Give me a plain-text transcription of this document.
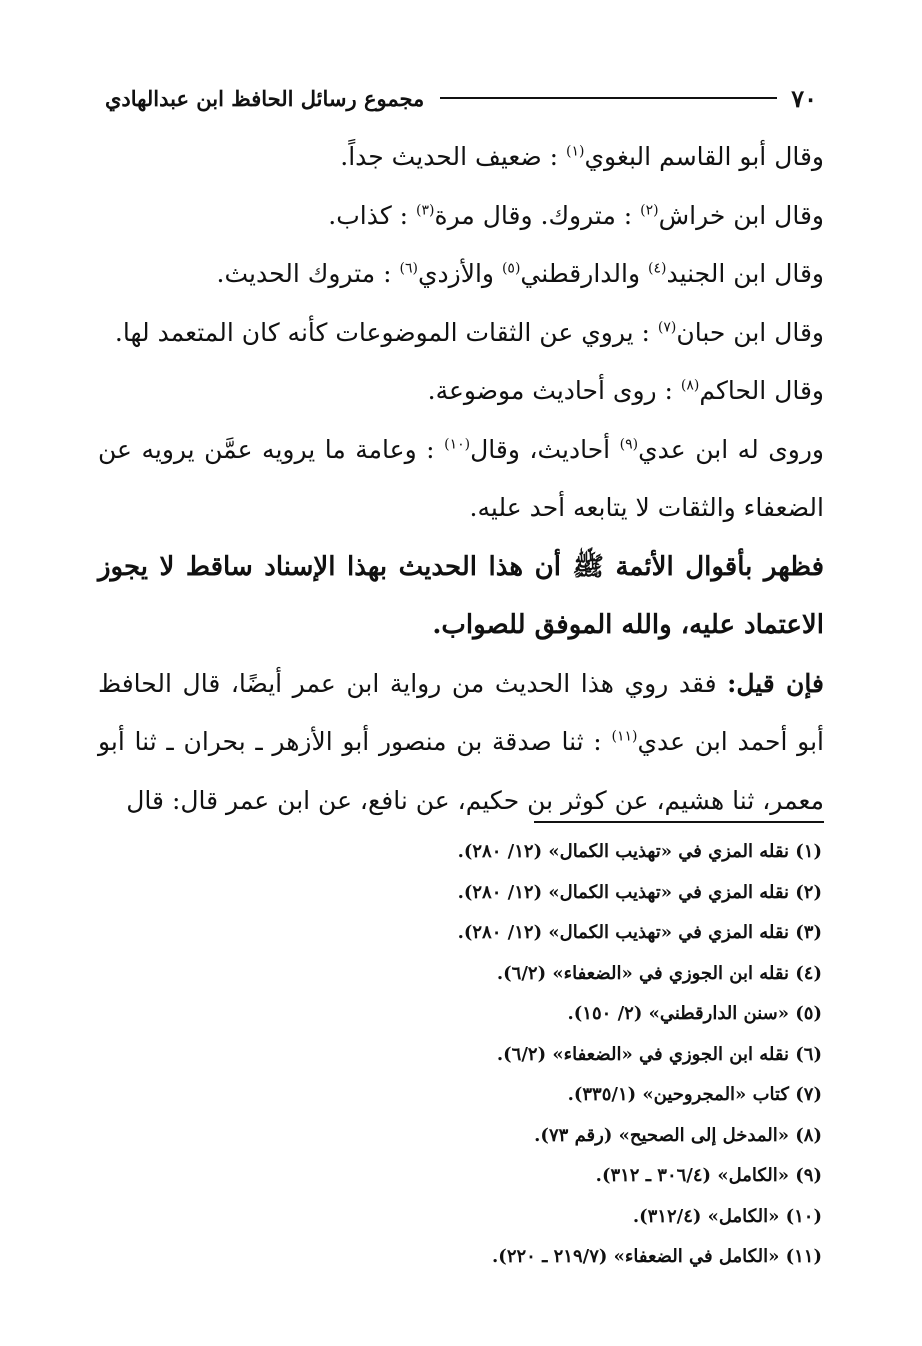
٧٠
مجموع رسائل الحافظ ابن عبدالهادي

وقال أبو القاسم البغوي$^{(١)}$ : ضعيف الحديث جداً.

وقال ابن خراش$^{(٢)}$ : متروك. وقال مرة$^{(٣)}$ : كذاب.

وقال ابن الجنيد$^{(٤)}$ والدارقطني$^{(٥)}$ والأزدي$^{(٦)}$ : متروك الحديث.

وقال ابن حبان$^{(٧)}$ : يروي عن الثقات الموضوعات كأنه كان المتعمد لها.

وقال الحاكم$^{(٨)}$ : روى أحاديث موضوعة.

وروى له ابن عدي$^{(٩)}$ أحاديث، وقال$^{(١٠)}$ : وعامة ما يرويه عمَّن يرويه عن الضعفاء والثقات لا يتابعه أحد عليه.

فظهر بأقوال الأئمة ﷺ أن هذا الحديث بهذا الإسناد ساقط لا يجوز الاعتماد عليه، والله الموفق للصواب.

فإن قيل: فقد روي هذا الحديث من رواية ابن عمر أيضًا، قال الحافظ أبو أحمد ابن عدي$^{(١١)}$ : ثنا صدقة بن منصور أبو الأزهر ـ بحران ـ ثنا أبو معمر، ثنا هشيم، عن كوثر بن حكيم، عن نافع، عن ابن عمر قال: قال

(١) نقله المزي في «تهذيب الكمال» (١٢/ ٢٨٠).
(٢) نقله المزي في «تهذيب الكمال» (١٢/ ٢٨٠).
(٣) نقله المزي في «تهذيب الكمال» (١٢/ ٢٨٠).
(٤) نقله ابن الجوزي في «الضعفاء» (٦/٢).
(٥) «سنن الدارقطني» (٢/ ١٥٠).
(٦) نقله ابن الجوزي في «الضعفاء» (٦/٢).
(٧) كتاب «المجروحين» (٣٣٥/١).
(٨) «المدخل إلى الصحيح» (رقم ٧٣).
(٩) «الكامل» (٣٠٦/٤ ـ ٣١٢).
(١٠) «الكامل» (٣١٢/٤).
(١١) «الكامل في الضعفاء» (٢١٩/٧ ـ ٢٢٠).
